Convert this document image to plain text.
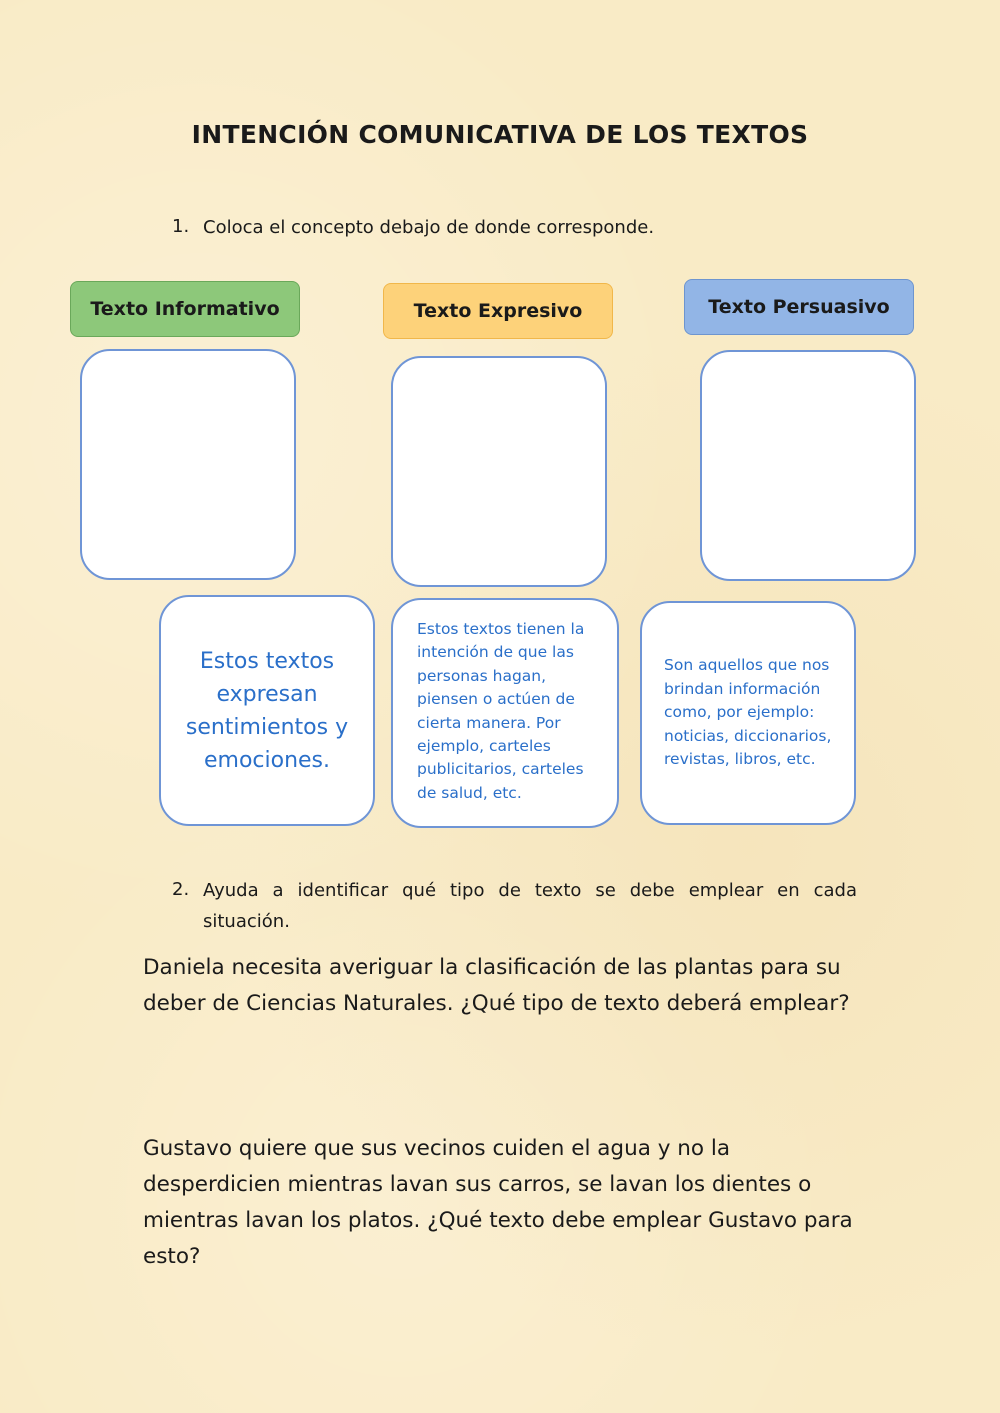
INTENCIÓN COMUNICATIVA DE LOS TEXTOS
1. Coloca el concepto debajo de donde corresponde.
Texto Informativo	Texto Expresivo	Texto Persuasivo
Estos textos expresan sentimientos y emociones.
Estos textos tienen la intención de que las personas hagan, piensen o actúen de cierta manera. Por ejemplo, carteles publicitarios, carteles de salud, etc.
Son aquellos que nos brindan información como, por ejemplo: noticias, diccionarios, revistas, libros, etc.
2. Ayuda a identificar qué tipo de texto se debe emplear en cada situación.
Daniela necesita averiguar la clasificación de las plantas para su deber de Ciencias Naturales. ¿Qué tipo de texto deberá emplear?
Gustavo quiere que sus vecinos cuiden el agua y no la desperdicien mientras lavan sus carros, se lavan los dientes o mientras lavan los platos. ¿Qué texto debe emplear Gustavo para esto?
